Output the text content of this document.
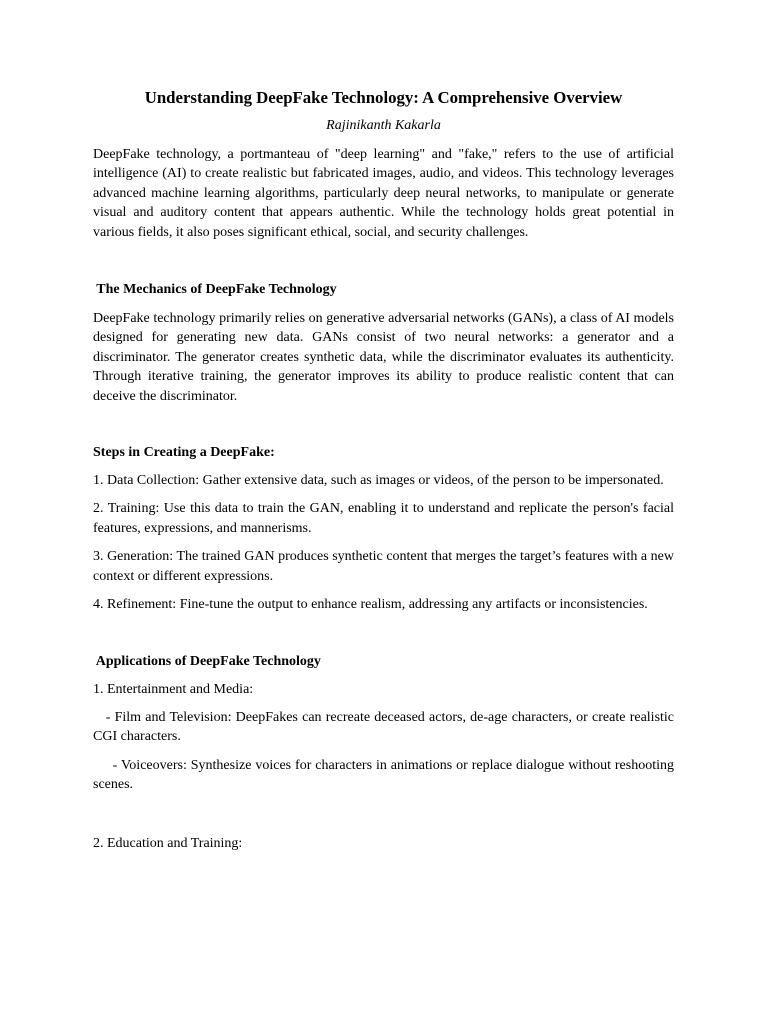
Understanding DeepFake Technology: A Comprehensive Overview
Rajinikanth Kakarla

DeepFake technology, a portmanteau of "deep learning" and "fake," refers to the use of artificial intelligence (AI) to create realistic but fabricated images, audio, and videos. This technology leverages advanced machine learning algorithms, particularly deep neural networks, to manipulate or generate visual and auditory content that appears authentic. While the technology holds great potential in various fields, it also poses significant ethical, social, and security challenges.

The Mechanics of DeepFake Technology

DeepFake technology primarily relies on generative adversarial networks (GANs), a class of AI models designed for generating new data. GANs consist of two neural networks: a generator and a discriminator. The generator creates synthetic data, while the discriminator evaluates its authenticity. Through iterative training, the generator improves its ability to produce realistic content that can deceive the discriminator.

Steps in Creating a DeepFake:

1. Data Collection: Gather extensive data, such as images or videos, of the person to be impersonated.

2. Training: Use this data to train the GAN, enabling it to understand and replicate the person's facial features, expressions, and mannerisms.

3. Generation: The trained GAN produces synthetic content that merges the target’s features with a new context or different expressions.

4. Refinement: Fine-tune the output to enhance realism, addressing any artifacts or inconsistencies.

Applications of DeepFake Technology

1. Entertainment and Media:

- Film and Television: DeepFakes can recreate deceased actors, de-age characters, or create realistic CGI characters.

- Voiceovers: Synthesize voices for characters in animations or replace dialogue without reshooting scenes.

2. Education and Training:
